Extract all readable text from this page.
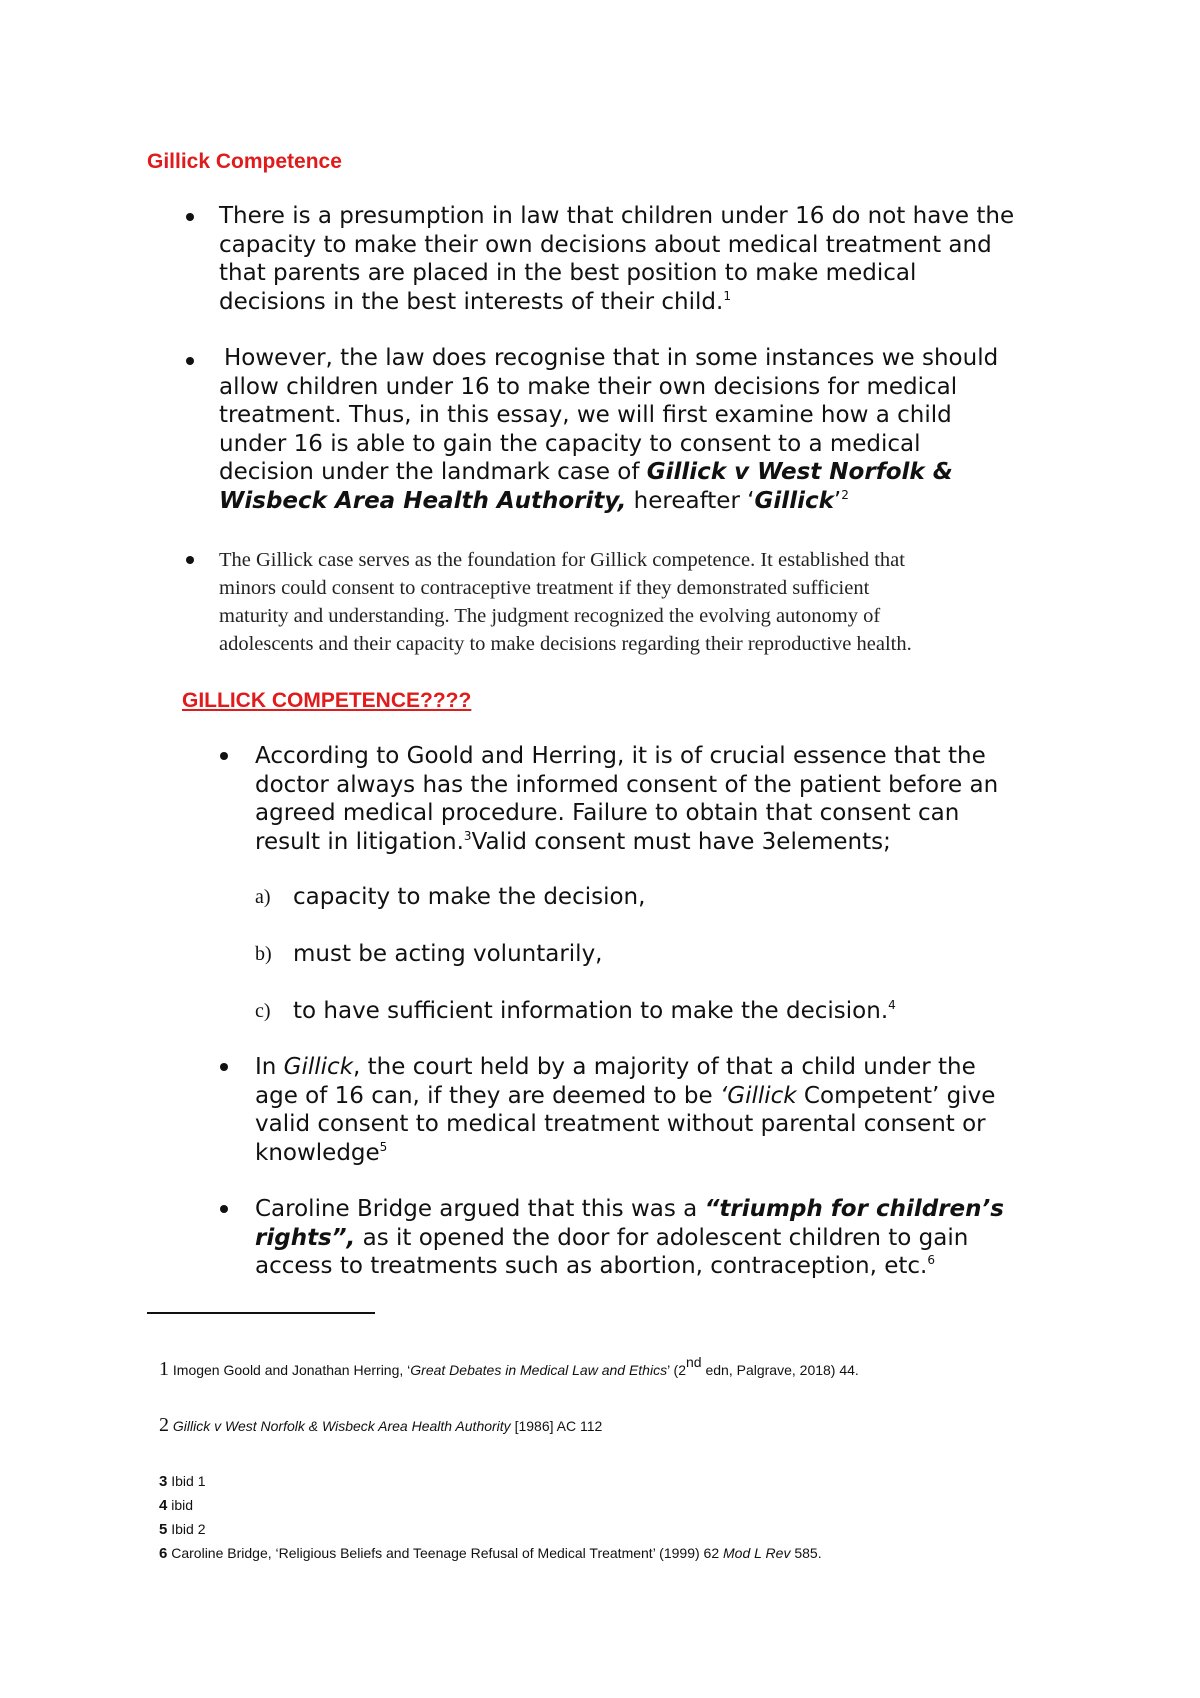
Gillick Competence
There is a presumption in law that children under 16 do not have the
capacity to make their own decisions about medical treatment and
that parents are placed in the best position to make medical
decisions in the best interests of their child.$^1$
However, the law does recognise that in some instances we should
allow children under 16 to make their own decisions for medical
treatment. Thus, in this essay, we will first examine how a child
under 16 is able to gain the capacity to consent to a medical
decision under the landmark case of Gillick v West Norfolk &
Wisbeck Area Health Authority, hereafter ‘Gillick’$^2$
The Gillick case serves as the foundation for Gillick competence. It established that
minors could consent to contraceptive treatment if they demonstrated sufficient
maturity and understanding. The judgment recognized the evolving autonomy of
adolescents and their capacity to make decisions regarding their reproductive health.
GILLICK COMPETENCE????
According to Goold and Herring, it is of crucial essence that the
doctor always has the informed consent of the patient before an
agreed medical procedure. Failure to obtain that consent can
result in litigation.$^3$Valid consent must have 3elements;
a) capacity to make the decision,
b) must be acting voluntarily,
c) to have sufficient information to make the decision.$^4$
In Gillick, the court held by a majority of that a child under the
age of 16 can, if they are deemed to be ‘Gillick Competent’ give
valid consent to medical treatment without parental consent or
knowledge$^5$
Caroline Bridge argued that this was a “triumph for children’s
rights”, as it opened the door for adolescent children to gain
access to treatments such as abortion, contraception, etc.$^6$
1 Imogen Goold and Jonathan Herring, ‘Great Debates in Medical Law and Ethics’ (2nd edn, Palgrave, 2018) 44.
2 Gillick v West Norfolk & Wisbeck Area Health Authority [1986] AC 112
3 Ibid 1
4 ibid
5 Ibid 2
6 Caroline Bridge, ‘Religious Beliefs and Teenage Refusal of Medical Treatment’ (1999) 62 Mod L Rev 585.
